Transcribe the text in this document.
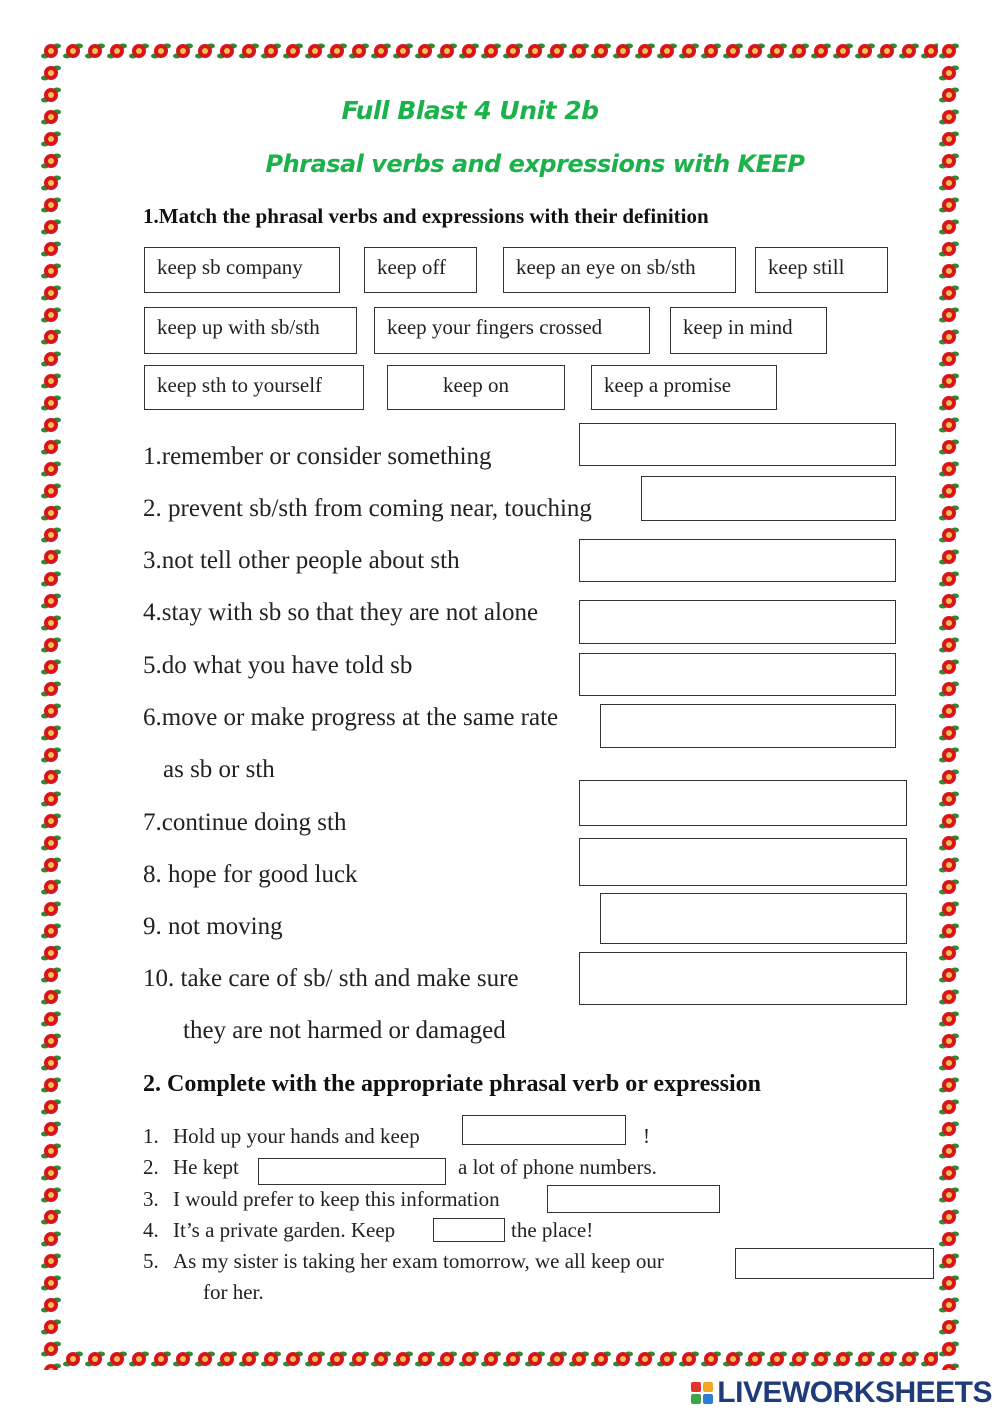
Full Blast 4 Unit 2b
Phrasal verbs and expressions with KEEP
1.Match the phrasal verbs and expressions with their definition
keep sb company	keep off	keep an eye on sb/sth	keep still
keep up with sb/sth	keep your fingers crossed	keep in mind
keep sth to yourself	keep on	keep a promise
1.remember or consider something
2. prevent sb/sth from coming near, touching
3.not tell other people about sth
4.stay with sb so that they are not alone
5.do what you have told sb
6.move or make progress at the same rate
as sb or sth
7.continue doing sth
8. hope for good luck
9. not moving
10. take care of sb/ sth and make sure
they are not harmed or damaged
2. Complete with the appropriate phrasal verb or expression
1. Hold up your hands and keep	!
2. He kept	a lot of phone numbers.
3. I would prefer to keep this information
4. It’s a private garden. Keep	the place!
5. As my sister is taking her exam tomorrow, we all keep our
for her.
LIVEWORKSHEETS
